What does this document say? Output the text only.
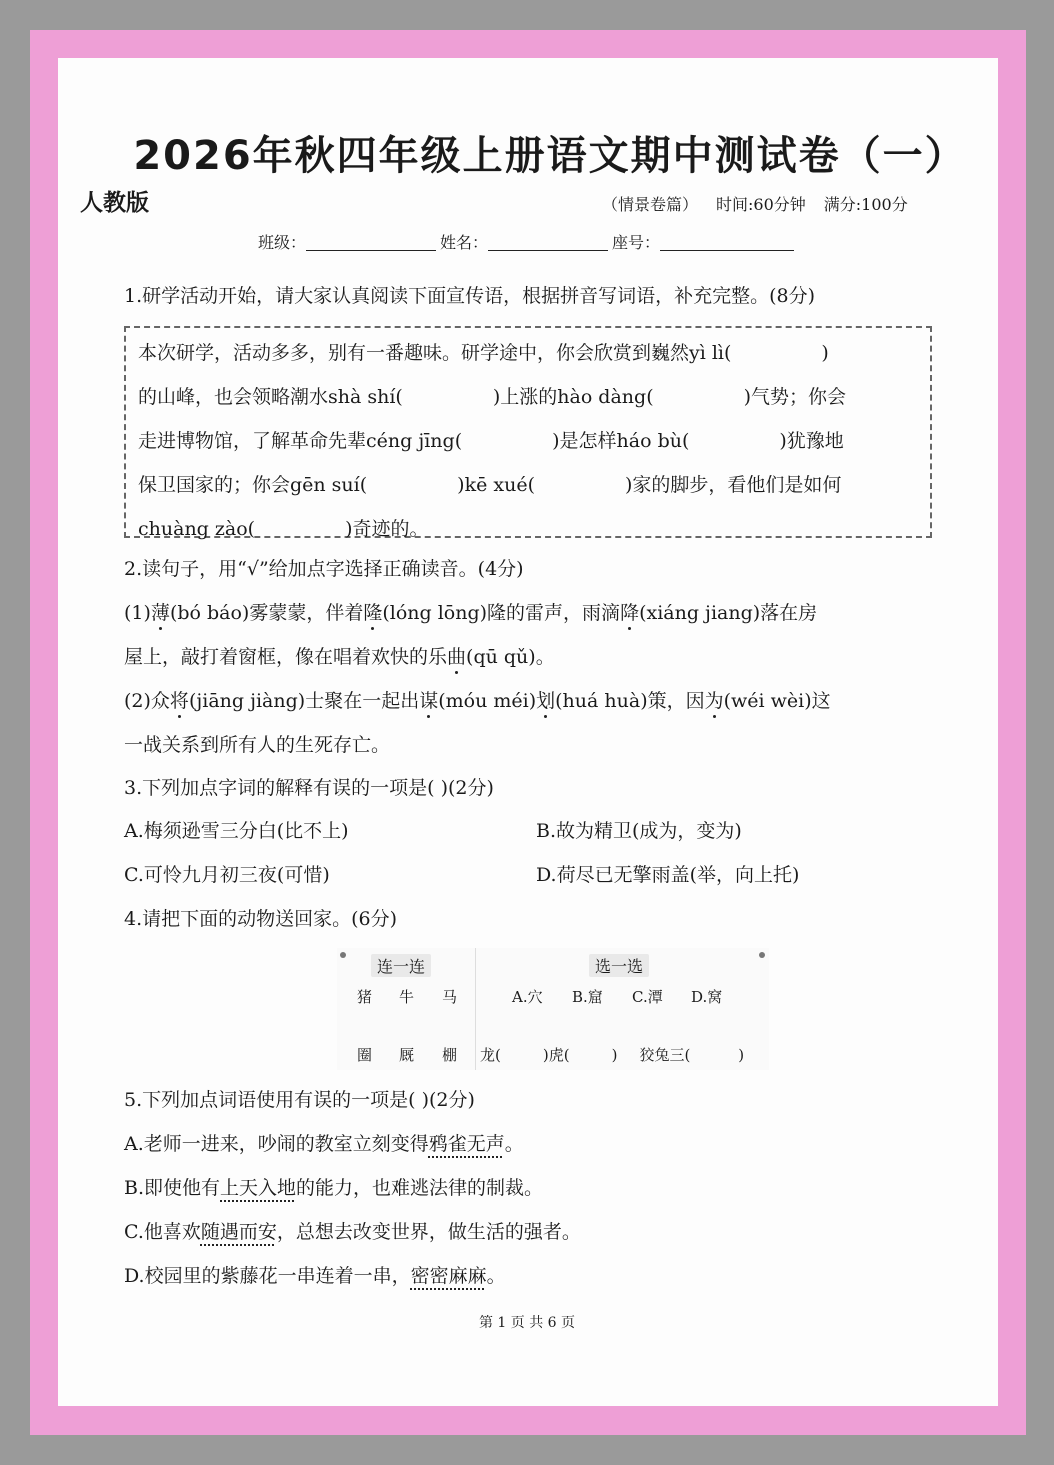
2026年秋四年级上册语文期中测试卷（一）
人教版	（情景卷篇） 时间:60分钟 满分:100分
班级：	姓名：	座号：
1.研学活动开始，请大家认真阅读下面宣传语，根据拼音写词语，补充完整。(8分)
本次研学，活动多多，别有一番趣味。研学途中，你会欣赏到巍然yì lì(	)
的山峰，也会领略潮水shà shí(	)上涨的hào dàng(	)气势；你会
走进博物馆，了解革命先辈céng jīng(	)是怎样háo bù(	)犹豫地
保卫国家的；你会gēn suí(	)kē xué(	)家的脚步，看他们是如何
chuàng zào(	)奇迹的。
2.读句子，用“√”给加点字选择正确读音。(4分)
(1)薄(bó báo)雾蒙蒙，伴着隆(lóng lōng)隆的雷声，雨滴降(xiáng jiang)落在房
屋上，敲打着窗框，像在唱着欢快的乐曲(qū qǔ)。
(2)众将(jiāng jiàng)士聚在一起出谋(móu méi)划(huá huà)策，因为(wéi wèi)这
一战关系到所有人的生死存亡。
3.下列加点字词的解释有误的一项是( )(2分)
A.梅须逊雪三分白(比不上)	B.故为精卫(成为，变为)
C.可怜九月初三夜(可惜)	D.荷尽已无擎雨盖(举，向上托)
4.请把下面的动物送回家。(6分)
连一连	选一选
猪 牛 马
圈 厩 棚
A.穴 B.窟 C.潭 D.窝
龙(	)虎(	) 狡兔三(	)
5.下列加点词语使用有误的一项是( )(2分)
A.老师一进来，吵闹的教室立刻变得鸦雀无声。
B.即使他有上天入地的能力，也难逃法律的制裁。
C.他喜欢随遇而安，总想去改变世界，做生活的强者。
D.校园里的紫藤花一串连着一串，密密麻麻。
第 1 页 共 6 页
